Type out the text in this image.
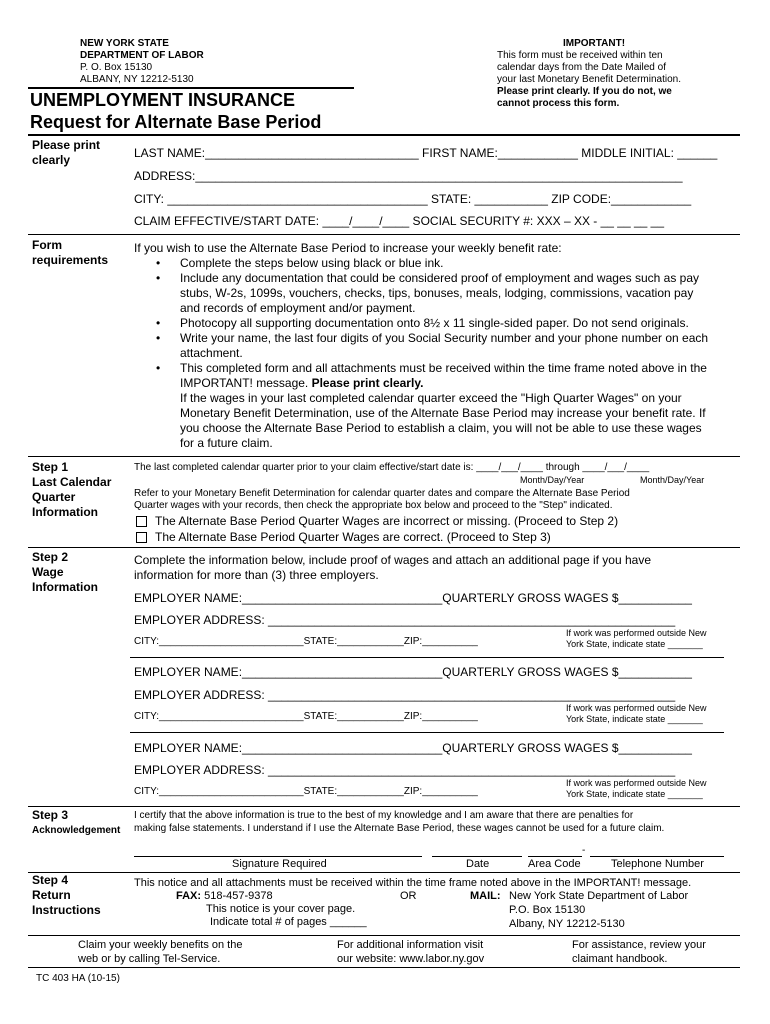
NEW YORK STATE
DEPARTMENT OF LABOR
P. O. Box 15130
ALBANY, NY 12212-5130
UNEMPLOYMENT INSURANCE
Request for Alternate Base Period
IMPORTANT!
This form must be received within ten
calendar days from the Date Mailed of
your last Monetary Benefit Determination.
Please print clearly. If you do not, we
cannot process this form.
Please print
clearly	LAST NAME:________________________________ FIRST NAME:____________ MIDDLE INITIAL: ______
ADDRESS:_________________________________________________________________________
CITY: _______________________________________ STATE: ___________ ZIP CODE:____________
CLAIM EFFECTIVE/START DATE: ____/____/____ SOCIAL SECURITY #: XXX – XX - __ __ __ __
Form
requirements
If you wish to use the Alternate Base Period to increase your weekly benefit rate:
• Complete the steps below using black or blue ink.
• Include any documentation that could be considered proof of employment and wages such as pay
stubs, W-2s, 1099s, vouchers, checks, tips, bonuses, meals, lodging, commissions, vacation pay
and records of employment and/or payment.
• Photocopy all supporting documentation onto 8½ x 11 single-sided paper. Do not send originals.
• Write your name, the last four digits of you Social Security number and your phone number on each
attachment.
• This completed form and all attachments must be received within the time frame noted above in the
IMPORTANT! message. Please print clearly.
If the wages in your last completed calendar quarter exceed the "High Quarter Wages" on your
Monetary Benefit Determination, use of the Alternate Base Period may increase your benefit rate. If
you choose the Alternate Base Period to establish a claim, you will not be able to use these wages
for a future claim.
Step 1
Last Calendar
Quarter
Information
The last completed calendar quarter prior to your claim effective/start date is: ____/___/____ through ____/___/____
Month/Day/Year	Month/Day/Year
Refer to your Monetary Benefit Determination for calendar quarter dates and compare the Alternate Base Period
Quarter wages with your records, then check the appropriate box below and proceed to the "Step" indicated.
The Alternate Base Period Quarter Wages are incorrect or missing. (Proceed to Step 2)
The Alternate Base Period Quarter Wages are correct. (Proceed to Step 3)
Step 2
Wage
Information
Complete the information below, include proof of wages and attach an additional page if you have
information for more than (3) three employers.
EMPLOYER NAME:______________________________QUARTERLY GROSS WAGES $___________
EMPLOYER ADDRESS: _____________________________________________________________
CITY:__________________________STATE:____________ZIP:__________
If work was performed outside New
York State, indicate state _______
EMPLOYER NAME:______________________________QUARTERLY GROSS WAGES $___________
EMPLOYER ADDRESS: _____________________________________________________________
CITY:__________________________STATE:____________ZIP:__________
If work was performed outside New
York State, indicate state _______
EMPLOYER NAME:______________________________QUARTERLY GROSS WAGES $___________
EMPLOYER ADDRESS: _____________________________________________________________
CITY:__________________________STATE:____________ZIP:__________
If work was performed outside New
York State, indicate state _______
Step 3
Acknowledgement
I certify that the above information is true to the best of my knowledge and I am aware that there are penalties for
making false statements. I understand if I use the Alternate Base Period, these wages cannot be used for a future claim.
-
Signature Required	Date	Area Code	Telephone Number
Step 4
Return
Instructions
This notice and all attachments must be received within the time frame noted above in the IMPORTANT! message.
FAX: 518-457-9378	OR	MAIL: New York State Department of Labor
P.O. Box 15130
Albany, NY 12212-5130
This notice is your cover page.
Indicate total # of pages ______
Claim your weekly benefits on the
web or by calling Tel-Service.
For additional information visit
our website: www.labor.ny.gov
For assistance, review your
claimant handbook.
TC 403 HA (10-15)
